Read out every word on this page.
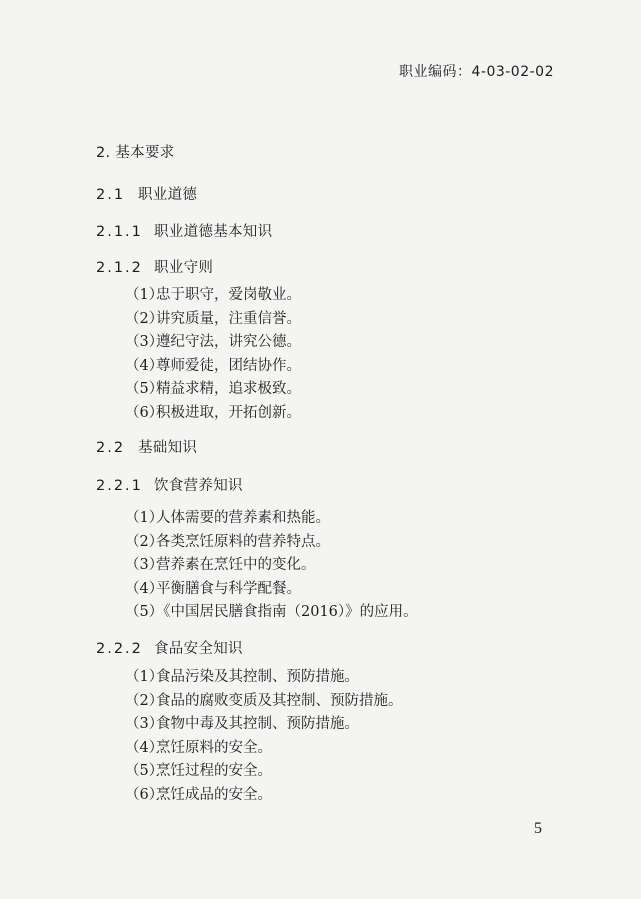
职业编码：4-03-02-02
2. 基本要求
2.1 职业道德
2.1.1 职业道德基本知识
2.1.2 职业守则
（1）忠于职守，爱岗敬业。
（2）讲究质量，注重信誉。
（3）遵纪守法，讲究公德。
（4）尊师爱徒，团结协作。
（5）精益求精，追求极致。
（6）积极进取，开拓创新。
2.2 基础知识
2.2.1 饮食营养知识
（1）人体需要的营养素和热能。
（2）各类烹饪原料的营养特点。
（3）营养素在烹饪中的变化。
（4）平衡膳食与科学配餐。
（5）《中国居民膳食指南（2016）》的应用。
2.2.2 食品安全知识
（1）食品污染及其控制、预防措施。
（2）食品的腐败变质及其控制、预防措施。
（3）食物中毒及其控制、预防措施。
（4）烹饪原料的安全。
（5）烹饪过程的安全。
（6）烹饪成品的安全。
5
